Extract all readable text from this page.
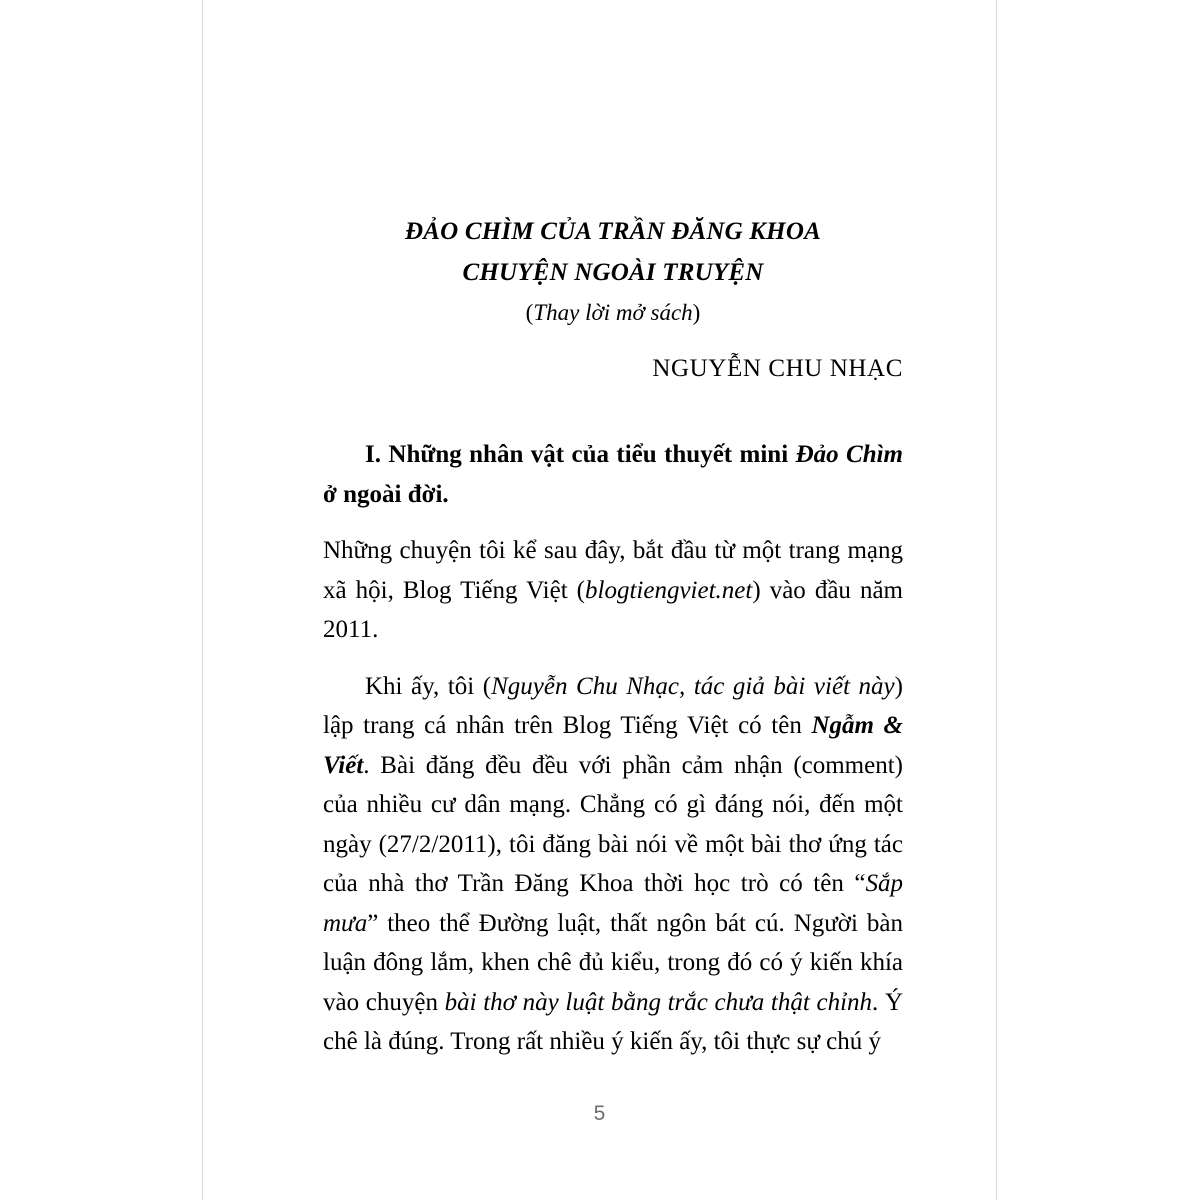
ĐẢO CHÌM CỦA TRẦN ĐĂNG KHOA
CHUYỆN NGOÀI TRUYỆN
(Thay lời mở sách)
NGUYỄN CHU NHẠC

I. Những nhân vật của tiểu thuyết mini Đảo Chìm ở ngoài đời.

Những chuyện tôi kể sau đây, bắt đầu từ một trang mạng xã hội, Blog Tiếng Việt (blogtiengviet.net) vào đầu năm 2011.

Khi ấy, tôi (Nguyễn Chu Nhạc, tác giả bài viết này) lập trang cá nhân trên Blog Tiếng Việt có tên Ngẫm & Viết. Bài đăng đều đều với phần cảm nhận (comment) của nhiều cư dân mạng. Chẳng có gì đáng nói, đến một ngày (27/2/2011), tôi đăng bài nói về một bài thơ ứng tác của nhà thơ Trần Đăng Khoa thời học trò có tên “Sắp mưa” theo thể Đường luật, thất ngôn bát cú. Người bàn luận đông lắm, khen chê đủ kiểu, trong đó có ý kiến khía vào chuyện bài thơ này luật bằng trắc chưa thật chỉnh. Ý chê là đúng. Trong rất nhiều ý kiến ấy, tôi thực sự chú ý

5
